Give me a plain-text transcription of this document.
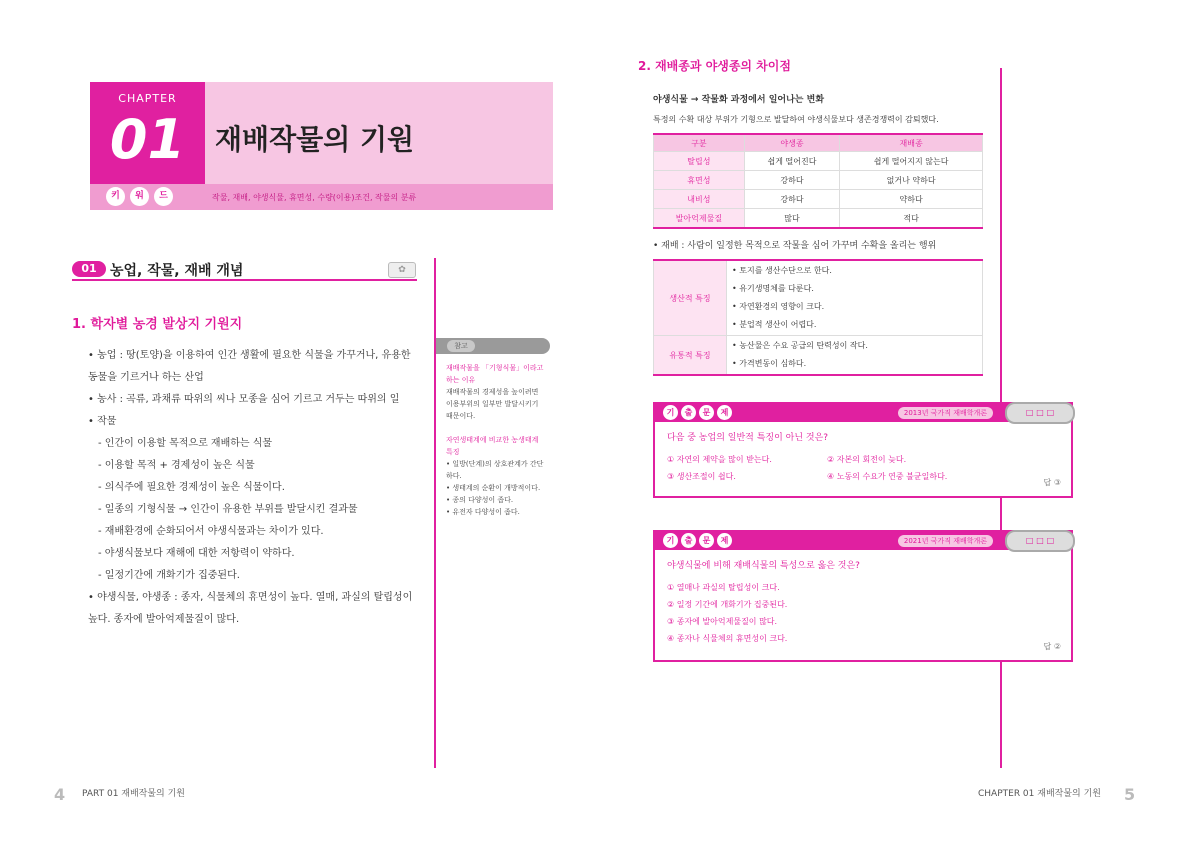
CHAPTER
01	재배작물의 기원
키	워	드	작물, 재배, 야생식물, 휴면성, 수량(이용)조건, 작물의 분류
01 농업, 작물, 재배 개념	✿
1. 학자별 농경 발상지 기원지
• 농업 : 땅(토양)을 이용하여 인간 생활에 필요한 식물을 가꾸거나, 유용한
동물을 기르거나 하는 산업
• 농사 : 곡류, 과채류 따위의 씨나 모종을 심어 기르고 거두는 따위의 일
• 작물
- 인간이 이용할 목적으로 재배하는 식물
- 이용할 목적 + 경제성이 높은 식물
- 의식주에 필요한 경제성이 높은 식물이다.
- 일종의 기형식물 → 인간이 유용한 부위를 발달시킨 결과물
- 재배환경에 순화되어서 야생식물과는 차이가 있다.
- 야생식물보다 재해에 대한 저항력이 약하다.
- 일정기간에 개화기가 집중된다.
• 야생식물, 야생종 : 종자, 식물체의 휴면성이 높다. 열매, 과실의 탈립성이
높다. 종자에 발아억제물질이 많다.
참고
재배작물을 「기형식물」이라고
하는 이유
재배작물의 경제성을 높이려면
이용부위의 일부만 발달시키기
때문이다.

자연생태계에 비교한 농생태계
특징
• 일방(단계)의 상호관계가 간단
하다.
• 생태계의 순환이 개방적이다.
• 종의 다양성이 좁다.
• 유전자 다양성이 좁다.
4 PART 01 재배작물의 기원
2. 재배종과 야생종의 차이점
야생식물 → 작물화 과정에서 일어나는 변화
특정의 수확 대상 부위가 기형으로 발달하여 야생식물보다 생존경쟁력이 감퇴했다.
구분	야생종	재배종
탈립성	쉽게 떨어진다	쉽게 떨어지지 않는다
휴면성	강하다	없거나 약하다
내비성	강하다	약하다
발아억제물질	많다	적다
• 재배 : 사람이 일정한 목적으로 작물을 심어 가꾸며 수확을 올리는 행위
생산적 특징	• 토지를 생산수단으로 한다.
• 유기생명체를 다룬다.
• 자연환경의 영향이 크다.
• 분업적 생산이 어렵다.

유통적 특징	• 농산물은 수요 공급의 탄력성이 작다.
• 가격변동이 심하다.
기	출	문	제	2013년 국가직 재배학개론	□ □ □
다음 중 농업의 일반적 특징이 아닌 것은?
① 자연의 제약을 많이 받는다.	② 자본의 회전이 늦다.
③ 생산조절이 쉽다.	④ 노동의 수요가 연중 불균일하다.
답 ③
기	출	문	제	2021년 국가직 재배학개론	□ □ □
야생식물에 비해 재배식물의 특성으로 옳은 것은?
① 열매나 과실의 탈립성이 크다.
② 일정 기간에 개화기가 집중된다.
③ 종자에 발아억제물질이 많다.
④ 종자나 식물체의 휴면성이 크다.
답 ②
CHAPTER 01 재배작물의 기원 5
